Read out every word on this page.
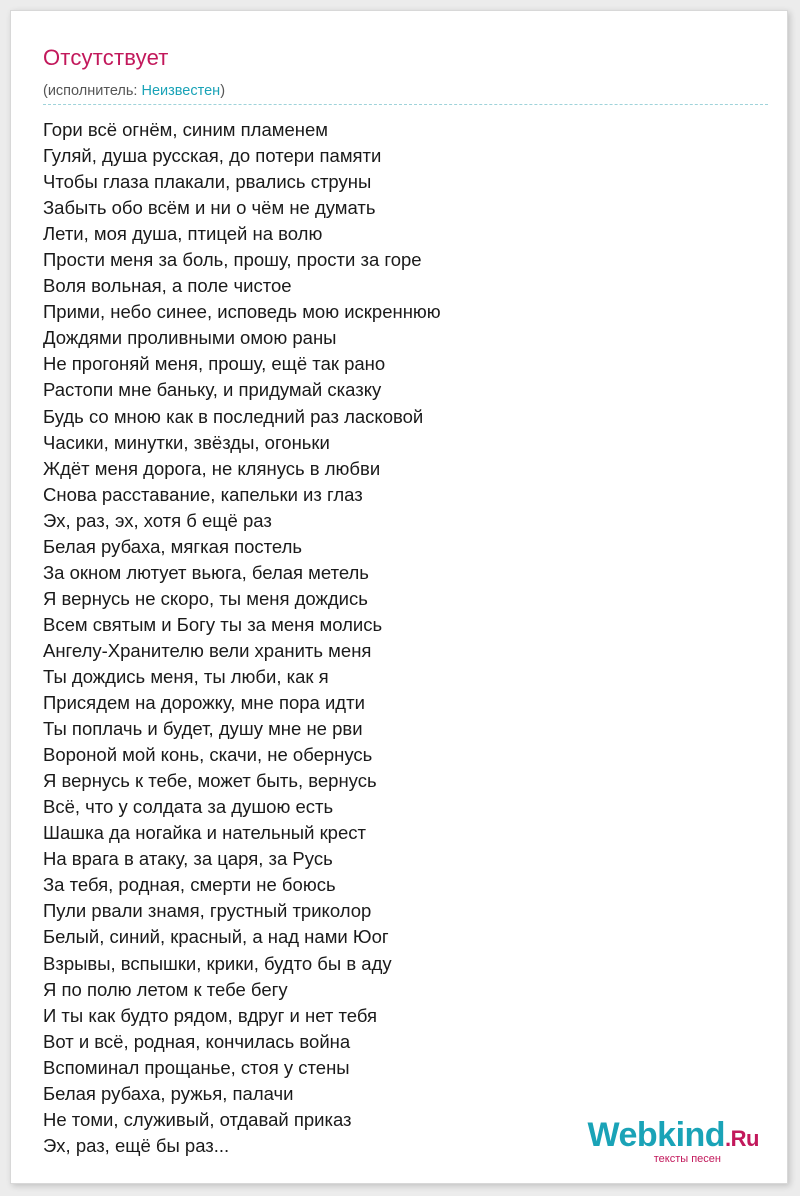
Отсутствует
(исполнитель: Неизвестен)
Гори всё огнём, синим пламенем
Гуляй, душа русская, до потери памяти
Чтобы глаза плакали, рвались струны
Забыть обо всём и ни о чём не думать
Лети, моя душа, птицей на волю
Прости меня за боль, прошу, прости за горе
Воля вольная, а поле чистое
Прими, небо синее, исповедь мою искреннюю
Дождями проливными омою раны
Не прогоняй меня, прошу, ещё так рано
Растопи мне баньку, и придумай сказку
Будь со мною как в последний раз ласковой
Часики, минутки, звёзды, огоньки
Ждёт меня дорога, не клянусь в любви
Снова расставание, капельки из глаз
Эх, раз, эх, хотя б ещё раз
Белая рубаха, мягкая постель
За окном лютует вьюга, белая метель
Я вернусь не скоро, ты меня дождись
Всем святым и Богу ты за меня молись
Ангелу-Хранителю вели хранить меня
Ты дождись меня, ты люби, как я
Присядем на дорожку, мне пора идти
Ты поплачь и будет, душу мне не рви
Вороной мой конь, скачи, не обернусь
Я вернусь к тебе, может быть, вернусь
Всё, что у солдата за душою есть
Шашка да ногайка и нательный крест
На врага в атаку, за царя, за Русь
За тебя, родная, смерти не боюсь
Пули рвали знамя, грустный триколор
Белый, синий, красный, а над нами Юог
Взрывы, вспышки, крики, будто бы в аду
Я по полю летом к тебе бегу
И ты как будто рядом, вдруг и нет тебя
Вот и всё, родная, кончилась война
Вспоминал прощанье, стоя у стены
Белая рубаха, ружья, палачи
Не томи, служивый, отдавай приказ
Эх, раз, ещё бы раз...	Webkind.Ru
тексты песен
